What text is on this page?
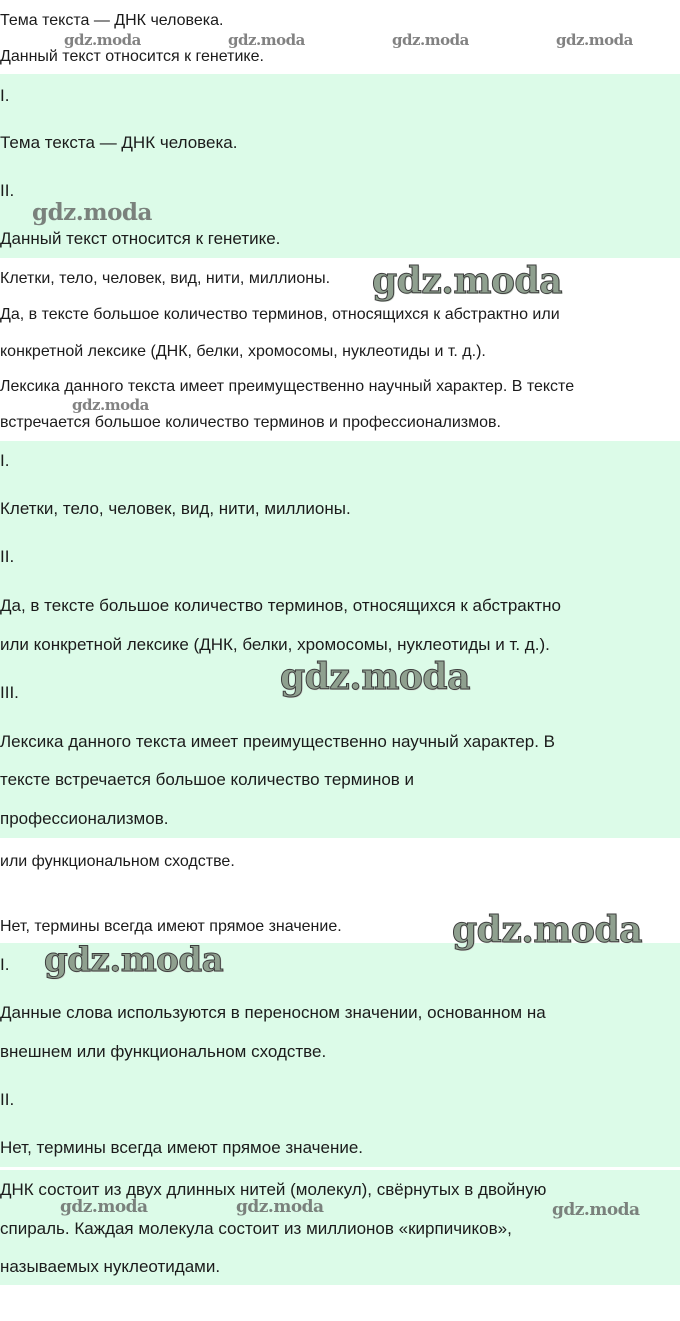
Тема текста — ДНК человека.

Данный текст относится к генетике.

I.

Тема текста — ДНК человека.

II.

Данный текст относится к генетике.

Клетки, тело, человек, вид, нити, миллионы.

Да, в тексте большое количество терминов, относящихся к абстрактно или

конкретной лексике (ДНК, белки, хромосомы, нуклеотиды и т. д.).

Лексика данного текста имеет преимущественно научный характер. В тексте

встречается большое количество терминов и профессионализмов.

I.

Клетки, тело, человек, вид, нити, миллионы.

II.

Да, в тексте большое количество терминов, относящихся к абстрактно

или конкретной лексике (ДНК, белки, хромосомы, нуклеотиды и т. д.).

III.

Лексика данного текста имеет преимущественно научный характер. В

тексте встречается большое количество терминов и

профессионализмов.

или функциональном сходстве.

Нет, термины всегда имеют прямое значение.

I.

Данные слова используются в переносном значении, основанном на

внешнем или функциональном сходстве.

II.

Нет, термины всегда имеют прямое значение.

ДНК состоит из двух длинных нитей (молекул), свёрнутых в двойную

спираль. Каждая молекула состоит из миллионов «кирпичиков»,

называемых нуклеотидами.

gdz.moda	gdz.moda	gdz.moda	gdz.moda
gdz.moda
gdz.moda
gdz.moda
gdz.moda
gdz.moda
gdz.moda
gdz.moda	gdz.moda	gdz.moda
